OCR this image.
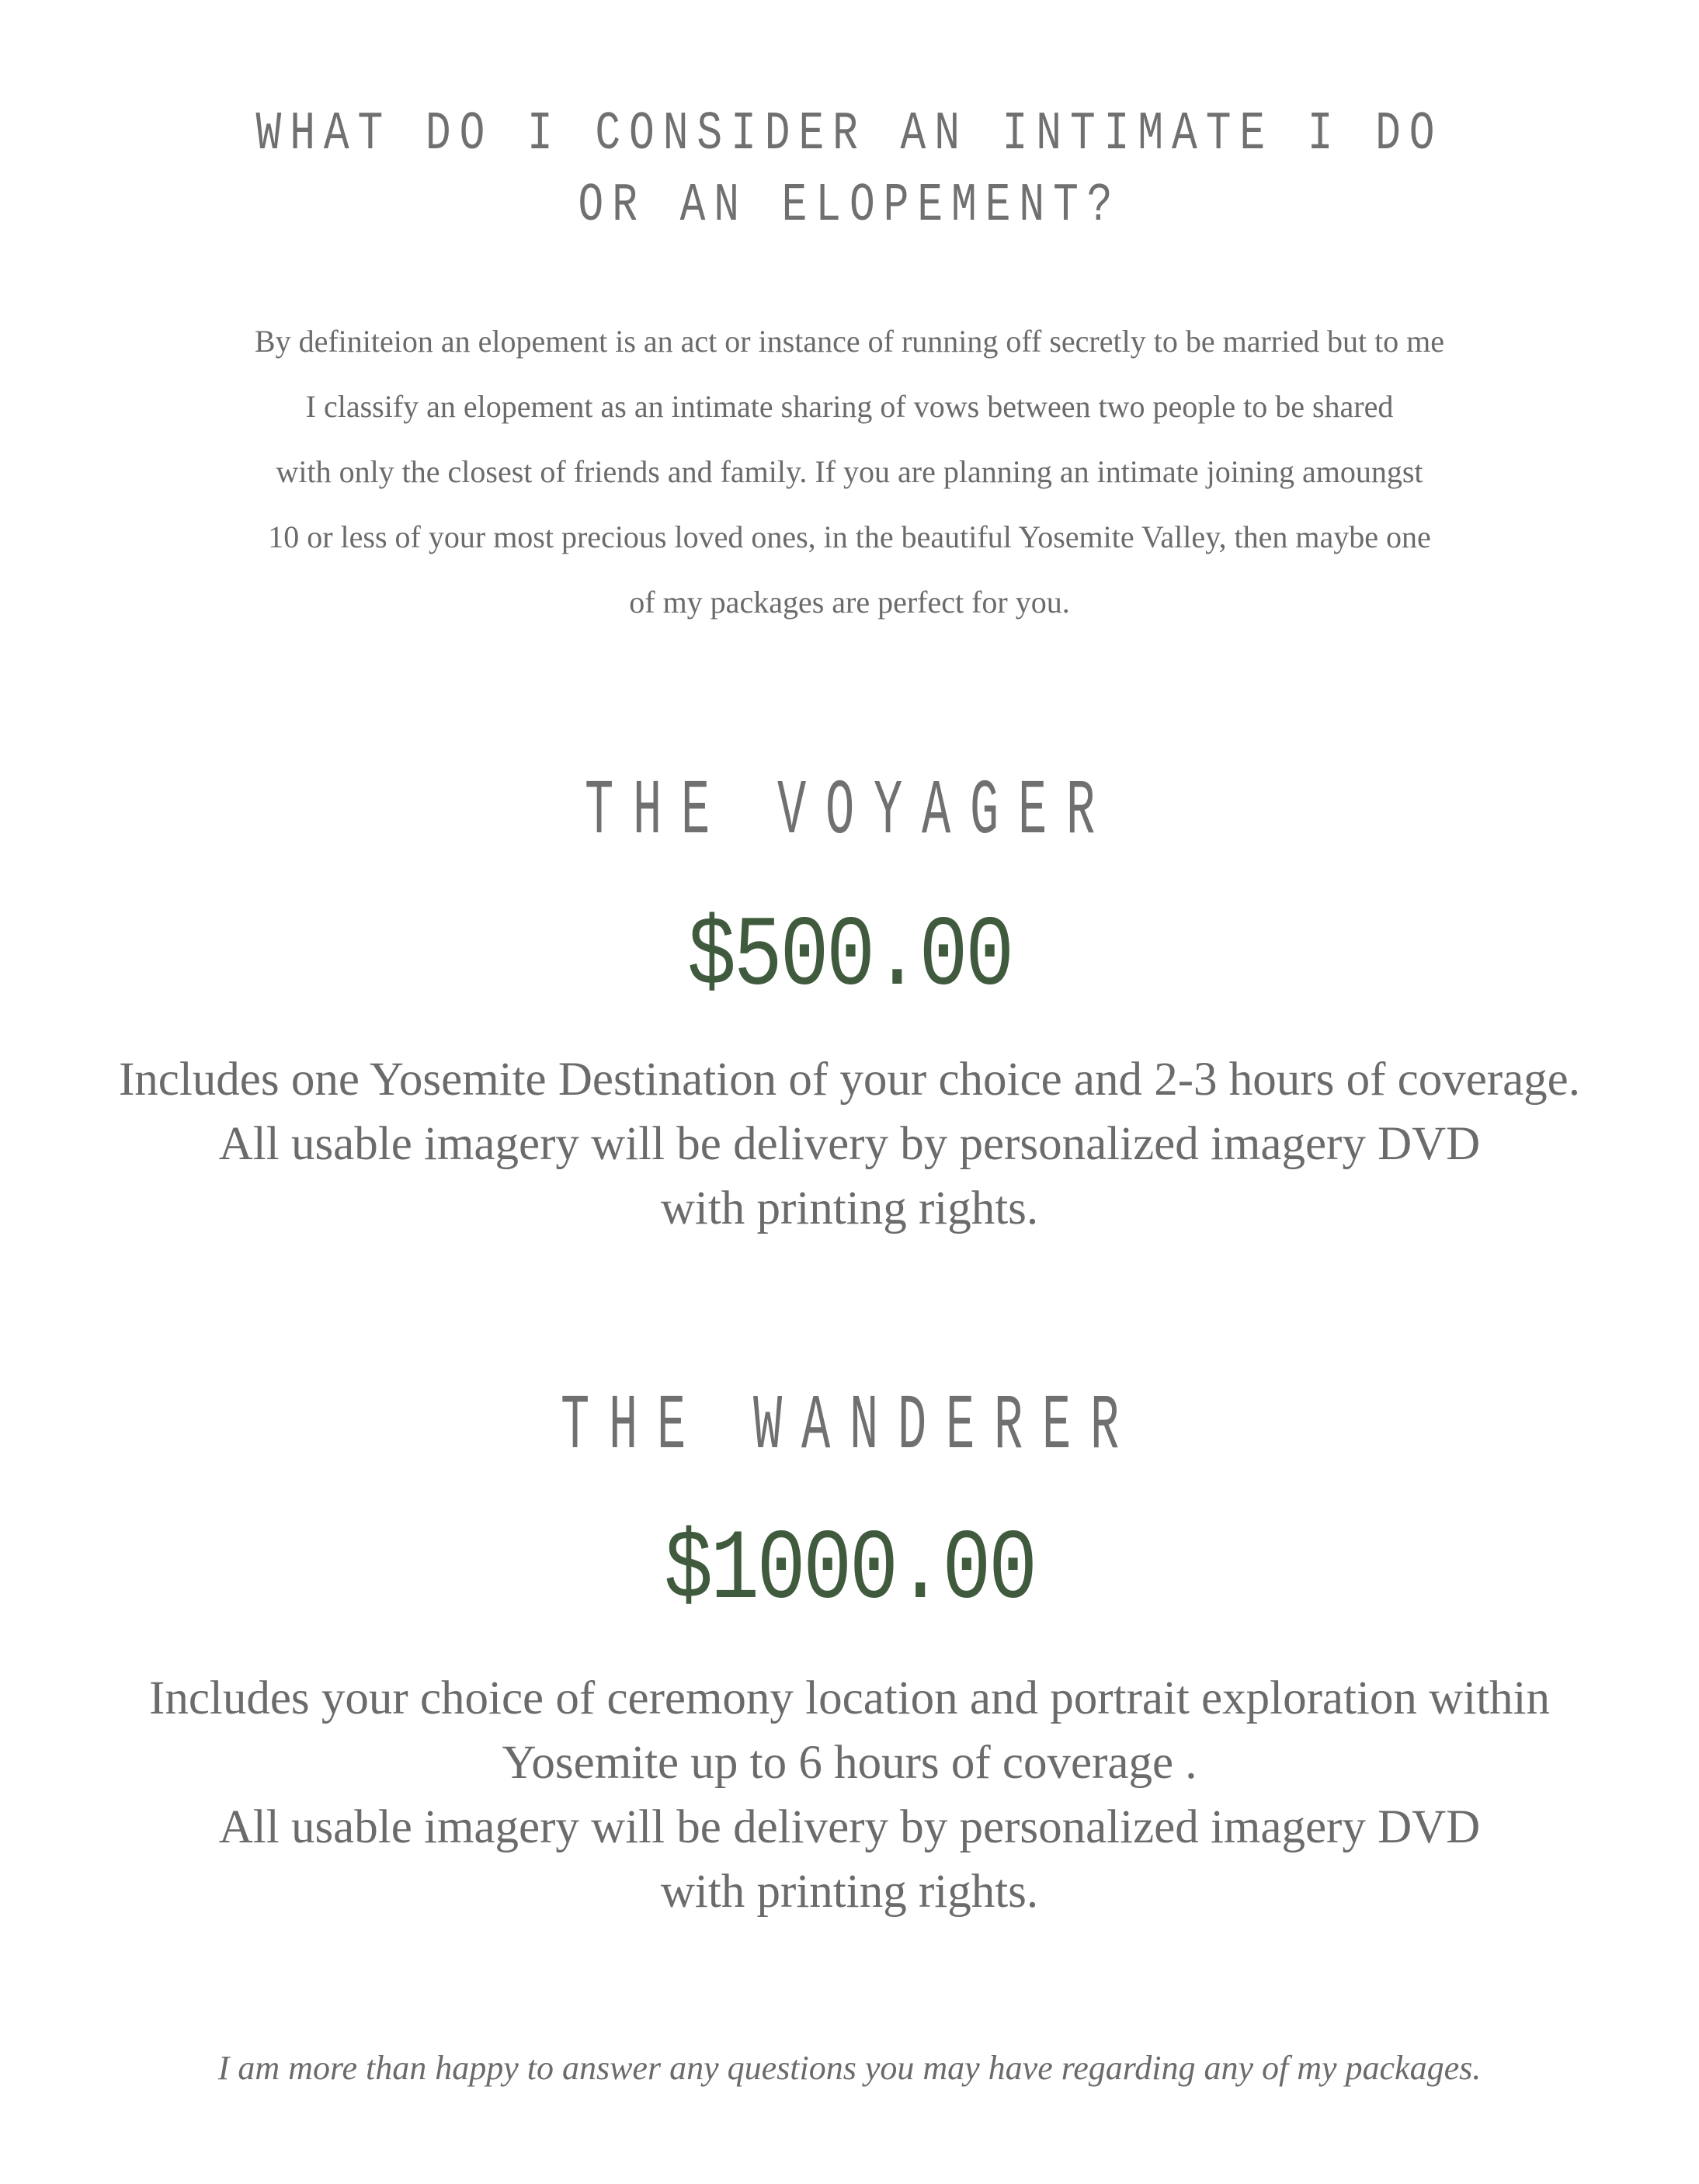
WHAT DO I CONSIDER AN INTIMATE I DO
OR AN ELOPEMENT?
By definiteion an elopement is an act or instance of running off secretly to be married but to me
I classify an elopement as an intimate sharing of vows between two people to be shared
with only the closest of friends and family. If you are planning an intimate joining amoungst
10 or less of your most precious loved ones, in the beautiful Yosemite Valley, then maybe one
of my packages are perfect for you.
THE VOYAGER
$500.00
Includes one Yosemite Destination of your choice and 2-3 hours of coverage.
All usable imagery will be delivery by personalized imagery DVD
with printing rights.
THE WANDERER
$1000.00
Includes your choice of ceremony location and portrait exploration within
Yosemite up to 6 hours of coverage .
All usable imagery will be delivery by personalized imagery DVD
with printing rights.
I am more than happy to answer any questions you may have regarding any of my packages.
